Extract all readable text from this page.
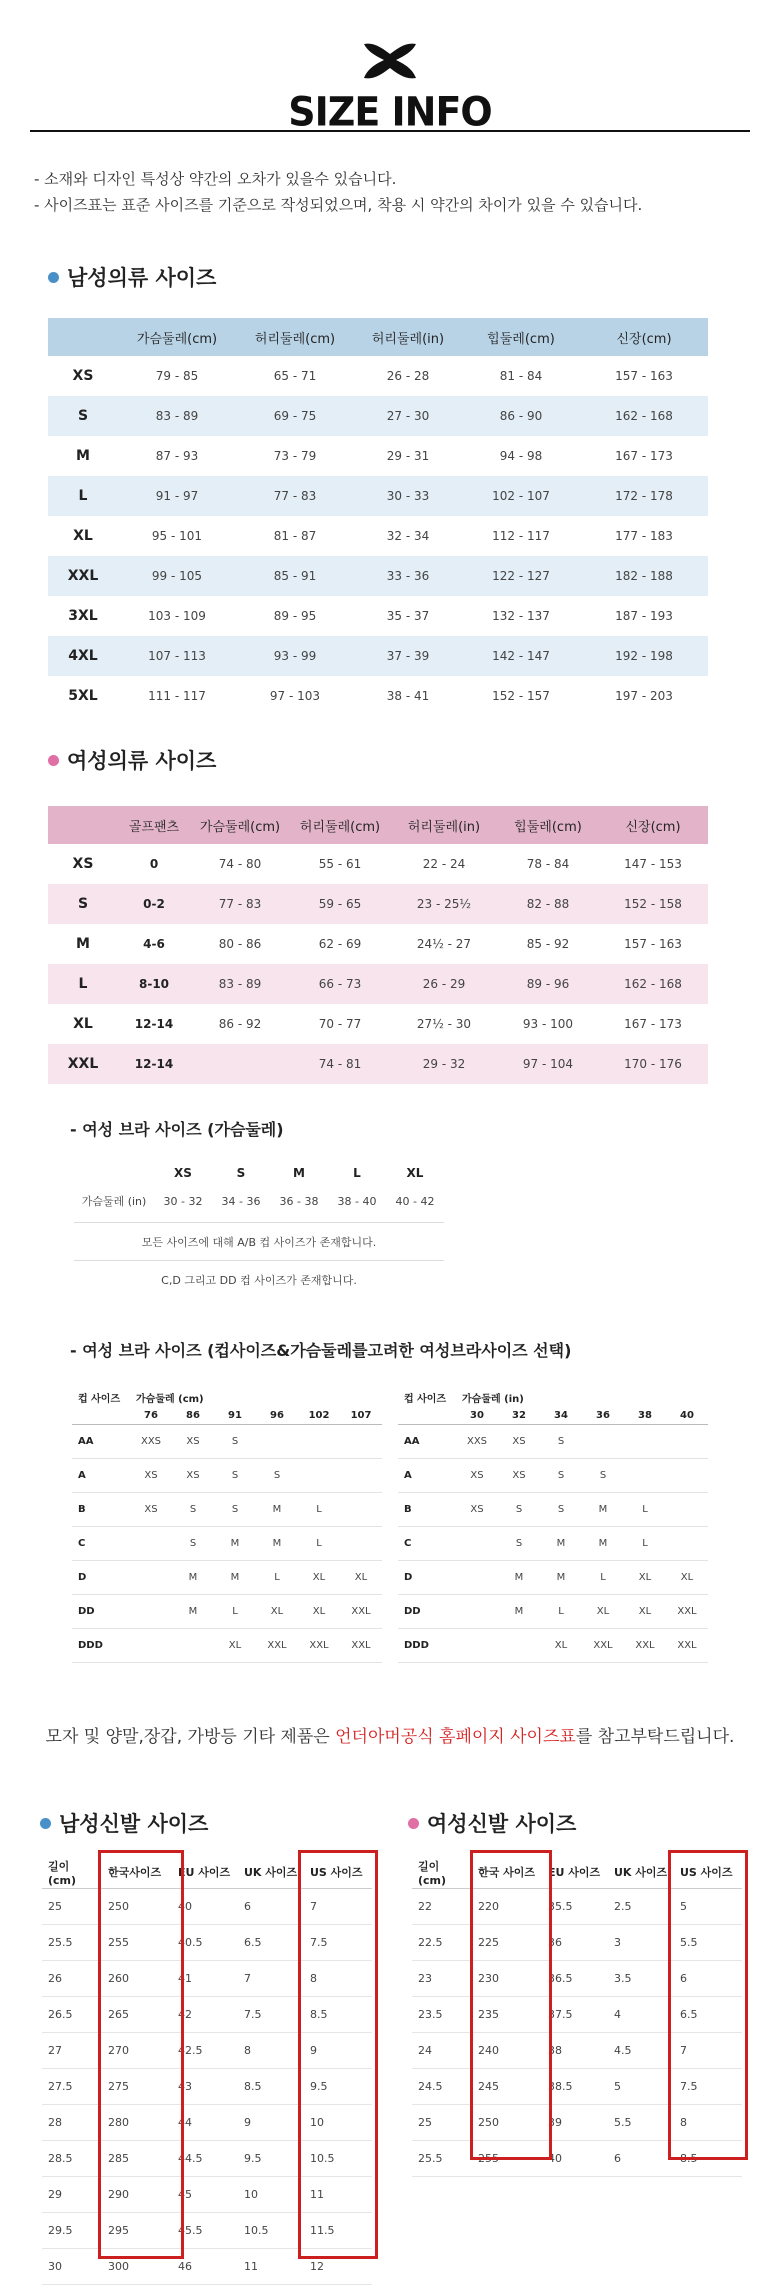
SIZE INFO
- 소재와 디자인 특성상 약간의 오차가 있을수 있습니다.
- 사이즈표는 표준 사이즈를 기준으로 작성되었으며, 착용 시 약간의 차이가 있을 수 있습니다.
남성의류 사이즈
	가슴둘레(cm)	허리둘레(cm)	허리둘레(in)	힙둘레(cm)	신장(cm)
XS	79 - 85	65 - 71	26 - 28	81 - 84	157 - 163
S	83 - 89	69 - 75	27 - 30	86 - 90	162 - 168
M	87 - 93	73 - 79	29 - 31	94 - 98	167 - 173
L	91 - 97	77 - 83	30 - 33	102 - 107	172 - 178
XL	95 - 101	81 - 87	32 - 34	112 - 117	177 - 183
XXL	99 - 105	85 - 91	33 - 36	122 - 127	182 - 188
3XL	103 - 109	89 - 95	35 - 37	132 - 137	187 - 193
4XL	107 - 113	93 - 99	37 - 39	142 - 147	192 - 198
5XL	111 - 117	97 - 103	38 - 41	152 - 157	197 - 203
여성의류 사이즈
	골프팬츠	가슴둘레(cm)	허리둘레(cm)	허리둘레(in)	힙둘레(cm)	신장(cm)
XS	0	74 - 80	55 - 61	22 - 24	78 - 84	147 - 153
S	0-2	77 - 83	59 - 65	23 - 25½	82 - 88	152 - 158
M	4-6	80 - 86	62 - 69	24½ - 27	85 - 92	157 - 163
L	8-10	83 - 89	66 - 73	26 - 29	89 - 96	162 - 168
XL	12-14	86 - 92	70 - 77	27½ - 30	93 - 100	167 - 173
XXL	12-14		74 - 81	29 - 32	97 - 104	170 - 176
- 여성 브라 사이즈 (가슴둘레)
	XS	S	M	L	XL
가슴둘레 (in)	30 - 32	34 - 36	36 - 38	38 - 40	40 - 42
모든 사이즈에 대해 A/B 컵 사이즈가 존재합니다.
C,D 그리고 DD 컵 사이즈가 존재합니다.
- 여성 브라 사이즈 (컵사이즈&가슴둘레를고려한 여성브라사이즈 선택)
컵 사이즈	가슴둘레 (cm)					
	76	86	91	96	102	107
AA	XXS	XS	S			
A	XS	XS	S	S		
B	XS	S	S	M	L	
C		S	M	M	L	
D		M	M	L	XL	XL
DD		M	L	XL	XL	XXL
DDD			XL	XXL	XXL	XXL
컵 사이즈	가슴둘레 (in)					
	30	32	34	36	38	40
AA	XXS	XS	S			
A	XS	XS	S	S		
B	XS	S	S	M	L	
C		S	M	M	L	
D		M	M	L	XL	XL
DD		M	L	XL	XL	XXL
DDD			XL	XXL	XXL	XXL
모자 및 양말,장갑, 가방등 기타 제품은 언더아머공식 홈페이지 사이즈표를 참고부탁드립니다.
남성신발 사이즈
길이 (cm)	한국사이즈	EU 사이즈	UK 사이즈	US 사이즈
25	250	40	6	7
25.5	255	40.5	6.5	7.5
26	260	41	7	8
26.5	265	42	7.5	8.5
27	270	42.5	8	9
27.5	275	43	8.5	9.5
28	280	44	9	10
28.5	285	44.5	9.5	10.5
29	290	45	10	11
29.5	295	45.5	10.5	11.5
30	300	46	11	12
여성신발 사이즈
길이 (cm)	한국 사이즈	EU 사이즈	UK 사이즈	US 사이즈
22	220	35.5	2.5	5
22.5	225	36	3	5.5
23	230	36.5	3.5	6
23.5	235	37.5	4	6.5
24	240	38	4.5	7
24.5	245	38.5	5	7.5
25	250	39	5.5	8
25.5	255	40	6	8.5
